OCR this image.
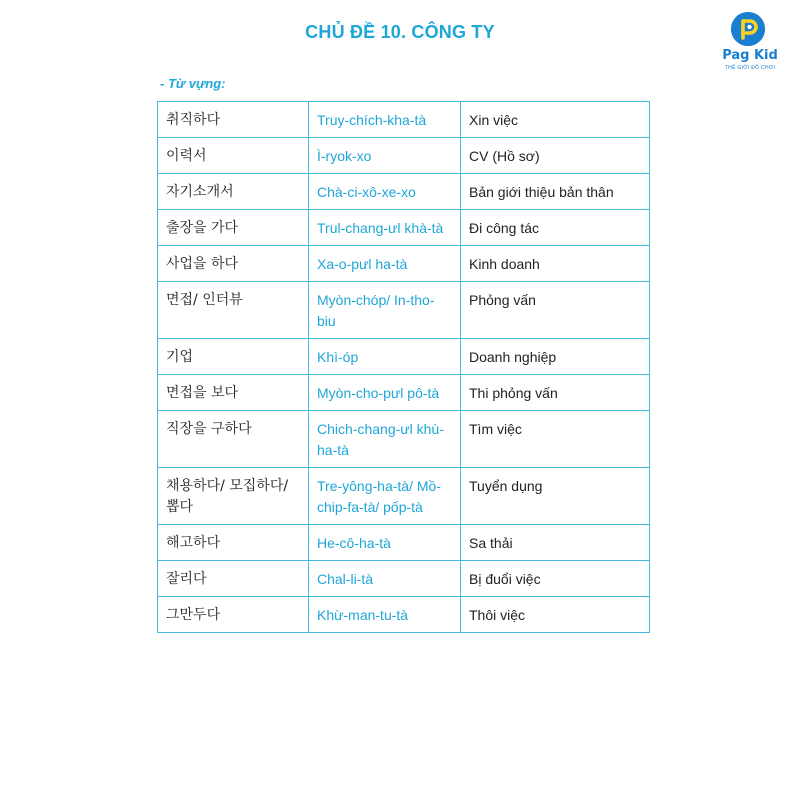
CHỦ ĐỀ 10. CÔNG TY
Pag Kid
THẾ GIỚI ĐỒ CHƠI
- Từ vựng:
취직하다	Truy-chích-kha-tà	Xin việc
이력서	Ì-ryok-xo	CV (Hồ sơ)
자기소개서	Chà-ci-xô-xe-xo	Bản giới thiệu bản thân
출장을 가다	Trul-chang-ưl khà-tà	Đi công tác
사업을 하다	Xa-o-pưl ha-tà	Kinh doanh
면접/ 인터뷰	Myòn-chóp/ In-tho-biu	Phỏng vấn
기업	Khì-óp	Doanh nghiệp
면접을 보다	Myòn-cho-pưl pô-tà	Thi phỏng vấn
직장을 구하다	Chich-chang-ưl khù-ha-tà	Tìm việc
채용하다/ 모집하다/ 뽑다	Tre-yông-ha-tà/ Mồ-chip-fa-tà/ pốp-tà	Tuyển dụng
해고하다	He-cô-ha-tà	Sa thải
잘리다	Chal-li-tà	Bị đuổi việc
그만두다	Khừ-man-tu-tà	Thôi việc
